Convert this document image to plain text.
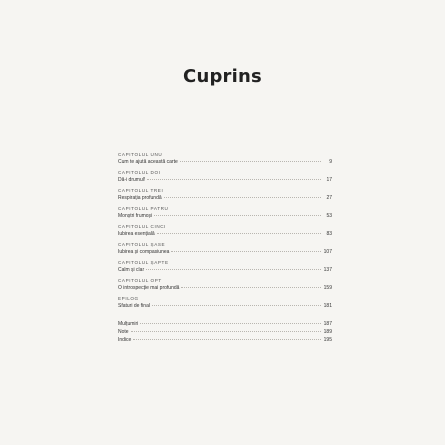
Cuprins
CAPITOLUL UNU
Cum te ajută această carte	9
CAPITOLUL DOI
Dă-i drumul!	17
CAPITOLUL TREI
Respirația profundă	27
CAPITOLUL PATRU
Monștri frumoși	53
CAPITOLUL CINCI
Iubirea esențială	83
CAPITOLUL ȘASE
Iubirea și compasiunea	107
CAPITOLUL ȘAPTE
Calm și clar	137
CAPITOLUL OPT
O introspecție mai profundă	159
EPILOG
Sfaturi de final	181
Mulțumiri	187
Note	189
Indice	195
